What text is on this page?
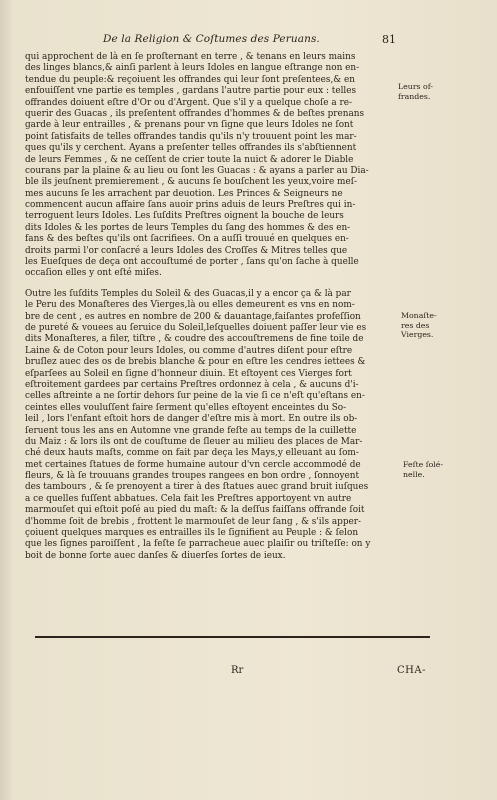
De la Religion & Coſtumes des Peruans.	81
qui approchent de là en ſe proſternant en terre , & tenans en leurs mains
des linges blancs,& ainſi parlent à leurs Idoles en langue eſtrange non en-
tendue du peuple:& reçoiuent les offrandes qui leur ſont preſentees,& en
enfouiſſent vne partie es temples , gardans l'autre partie pour eux : telles
offrandes doiuent eſtre d'Or ou d'Argent. Que s'il y a quelque choſe a re-
querir des Guacas , ils preſentent offrandes d'hommes & de beſtes prenans
garde à leur entrailles , & prenans pour vn ſigne que leurs Idoles ne ſont
point ſatisfaits de telles offrandes tandis qu'ils n'y trouuent point les mar-
ques qu'ils y cerchent. Ayans a preſenter telles offrandes ils s'abſtiennent
de leurs Femmes , & ne ceſſent de crier toute la nuict & adorer le Diable
courans par la plaine & au lieu ou ſont les Guacas : & ayans a parler au Dia-
ble ils jeuſnent premierement , & aucuns ſe bouſchent les yeux,voire meſ-
mes aucuns ſe les arrachent par deuotion. Les Princes & Seigneurs ne
commencent aucun affaire ſans auoir prins aduis de leurs Preſtres qui in-
terroguent leurs Idoles. Les ſuſdits Preſtres oignent la bouche de leurs
dits Idoles & les portes de leurs Temples du ſang des hommes & des en-
fans & des beſtes qu'ils ont ſacrifiees. On a auſſi trouué en quelques en-
droits parmi l'or conſacré a leurs Idoles des Croſſes & Mitres telles que
les Eueſques de deça ont accouſtumé de porter , ſans qu'on ſache à quelle
occaſion elles y ont eſté miſes.
Outre les ſuſdits Temples du Soleil & des Guacas,il y a encor ça & là par
le Peru des Monaſteres des Vierges,là ou elles demeurent es vns en nom-
bre de cent , es autres en nombre de 200 & dauantage,faiſantes profeſſion
de pureté & vouees au ſeruice du Soleil,leſquelles doiuent paſſer leur vie es
dits Monaſteres, a filer, tiſtre , & coudre des accouſtremens de fine toile de
Laine & de Coton pour leurs Idoles, ou comme d'autres diſent pour eſtre
bruſlez auec des os de brebis blanche & pour en eſtre les cendres iettees &
eſparſees au Soleil en ſigne d'honneur diuin. Et eſtoyent ces Vierges fort
eſtroitement gardees par certains Preſtres ordonnez à cela , & aucuns d'i-
celles aſtreinte a ne ſortir dehors ſur peine de la vie ſi ce n'eſt qu'eſtans en-
ceintes elles vouluſſent faire ſerment qu'elles eſtoyent enceintes du So-
leil , lors l'enfant eſtoit hors de danger d'eſtre mis à mort. En outre ils ob-
ſeruent tous les ans en Automne vne grande feſte au temps de la cuillette
du Maiz : & lors ils ont de couſtume de ſleuer au milieu des places de Mar-
ché deux hauts maſts, comme on fait par deça les Mays,y elleuant au ſom-
met certaines ſtatues de forme humaine autour d'vn cercle accommodé de
fleurs, & là ſe trouuans grandes troupes rangees en bon ordre , ſonnoyent
des tambours , & ſe prenoyent a tirer à des ſtatues auec grand bruit iuſques
a ce quelles fuſſent abbatues. Cela fait les Preſtres apportoyent vn autre
marmouſet qui eſtoit poſé au pied du maſt: & la deſſus faiſſans offrande ſoit
d'homme ſoit de brebis , frottent le marmouſet de leur ſang , & s'ils apper-
çoiuent quelques marques es entrailles ils le ſignifient au Peuple : & ſelon
que les ſignes paroiſſent , la feſte ſe parracheue auec plaiſir ou triſteſſe: on y
boit de bonne ſorte auec danſes & diuerſes ſortes de ieux.
Leurs of-
frandes.
Monaſte-
res des
Vierges.
Feſte ſolé-
nelle.
Rr	CHA-
